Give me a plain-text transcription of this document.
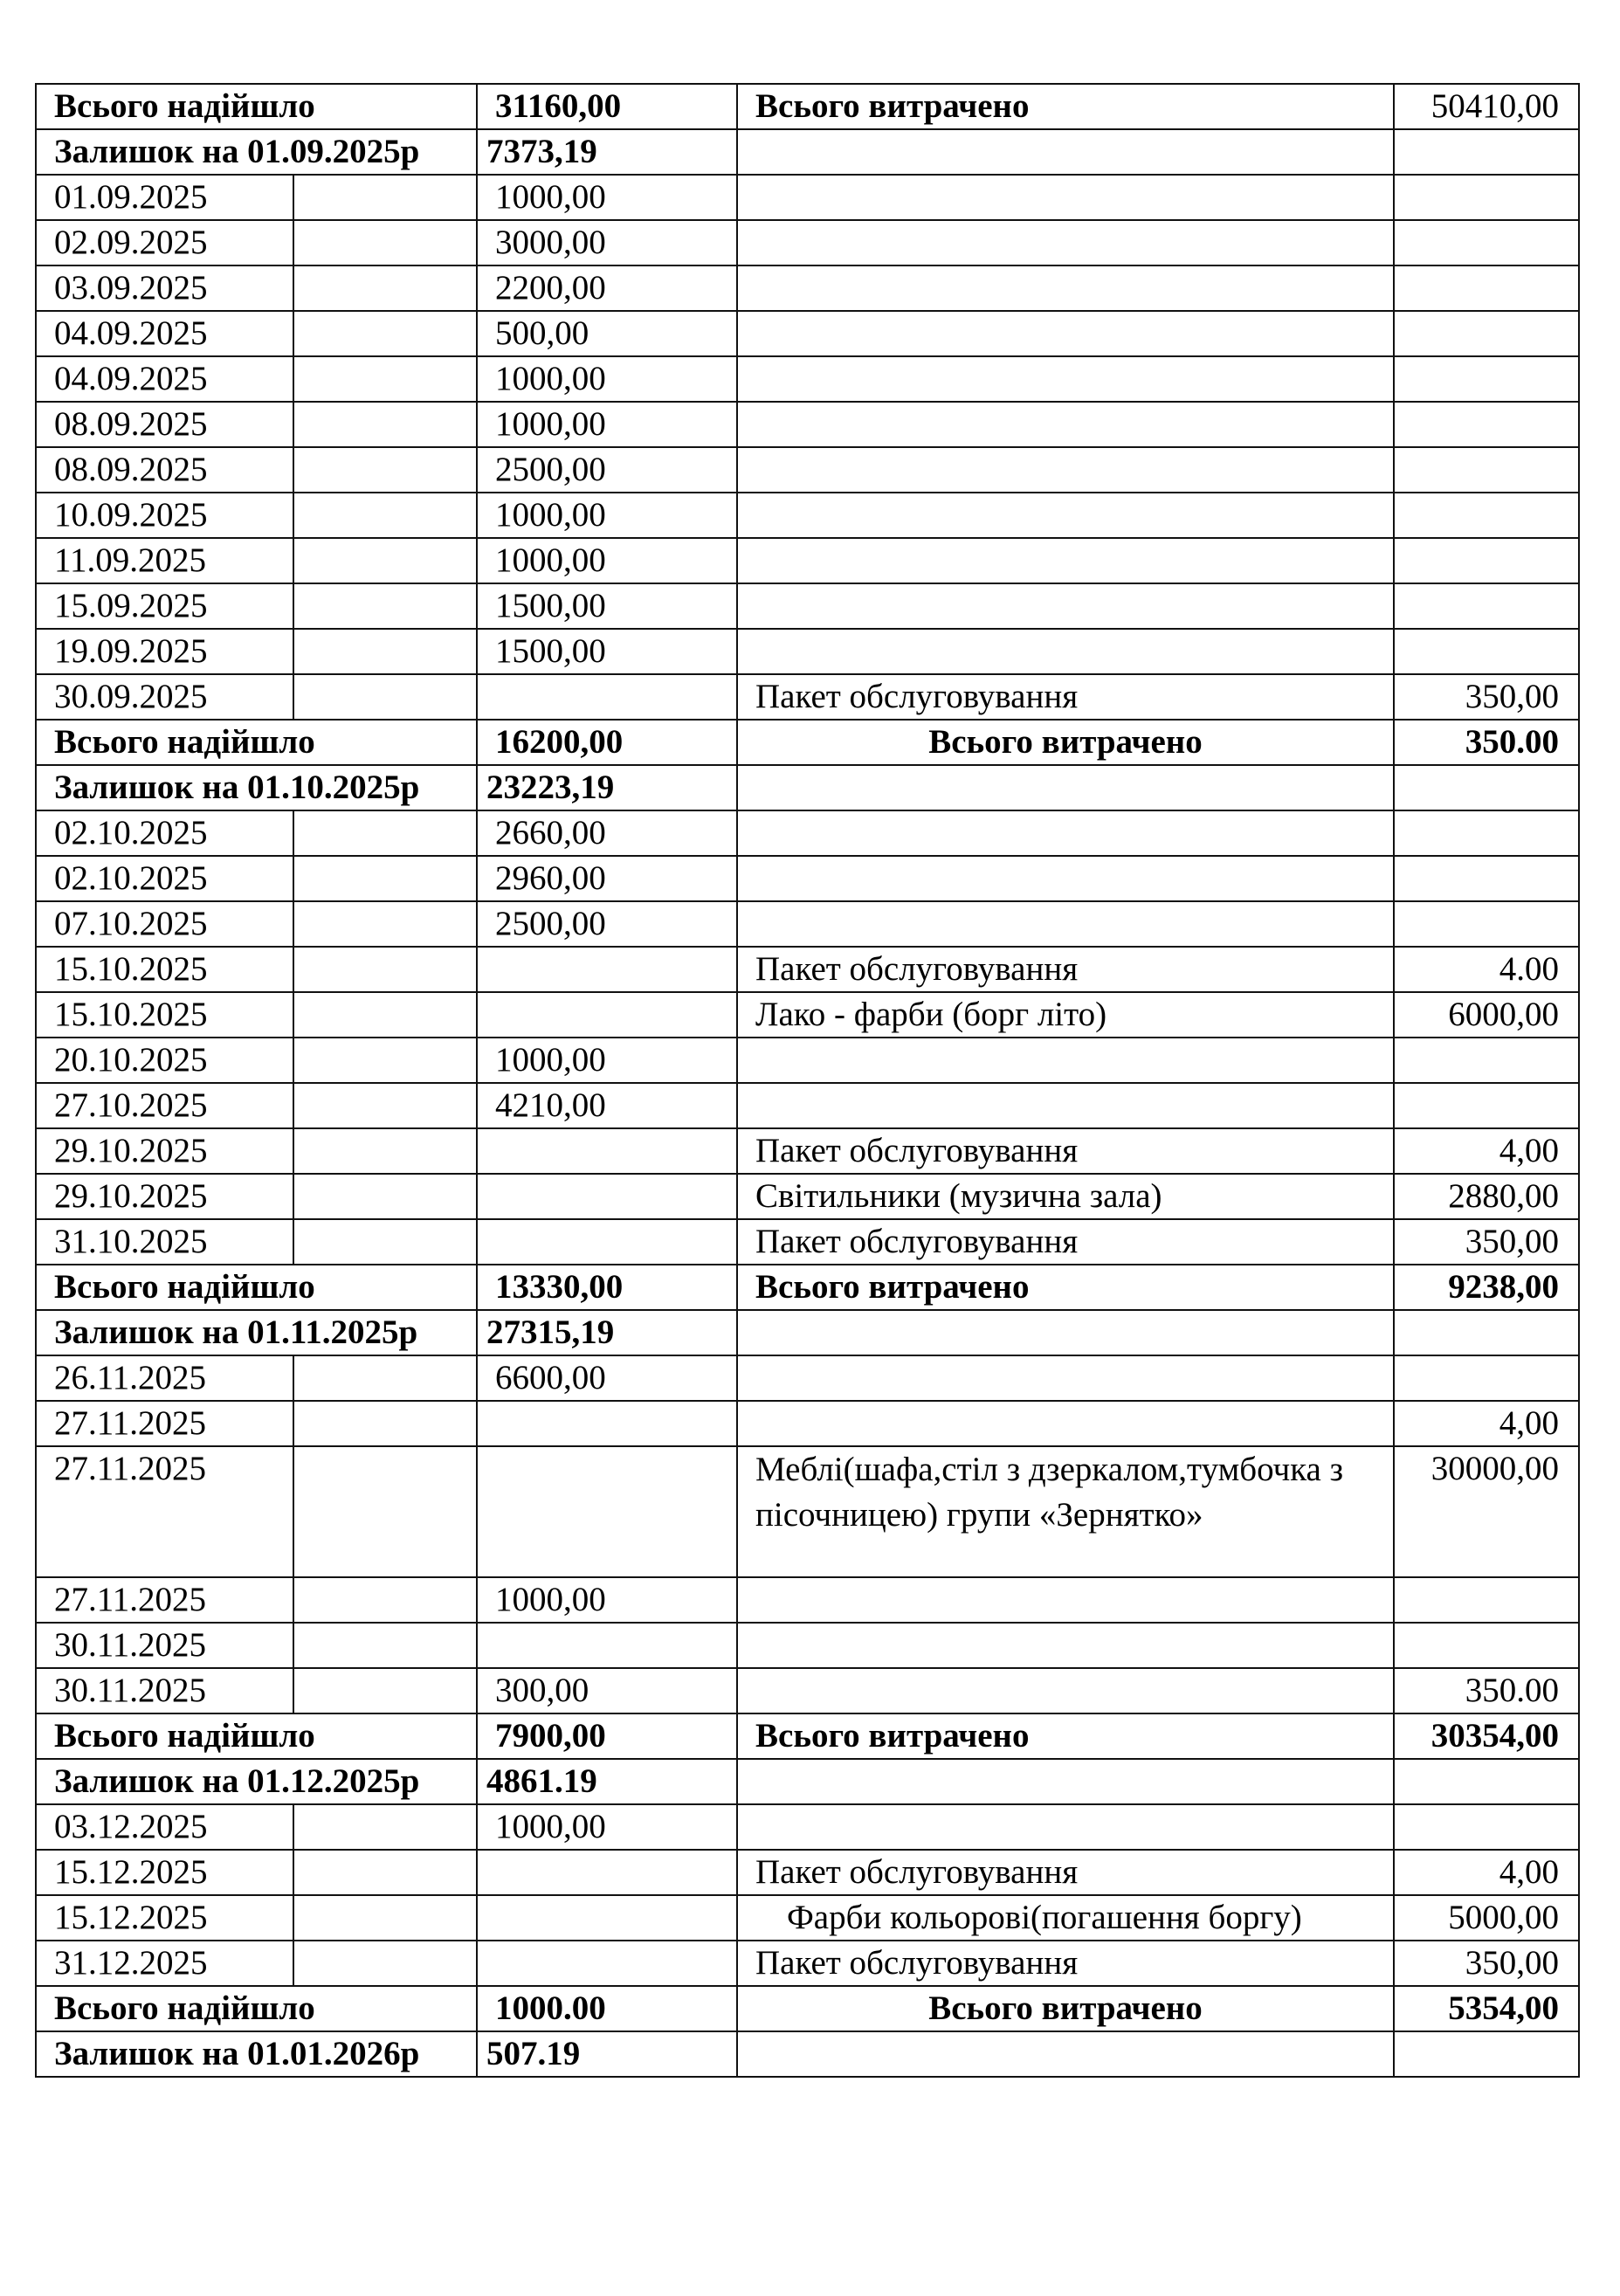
Всього надійшло		31160,00	Всього витрачено	50410,00
Залишок на 01.09.2025р		7373,19		
01.09.2025		1000,00		
02.09.2025		3000,00		
03.09.2025		2200,00		
04.09.2025		500,00		
04.09.2025		1000,00		
08.09.2025		1000,00		
08.09.2025		2500,00		
10.09.2025		1000,00		
11.09.2025		1000,00		
15.09.2025		1500,00		
19.09.2025		1500,00		
30.09.2025			Пакет обслуговування	350,00
Всього надійшло		16200,00	Всього витрачено	350.00
Залишок на 01.10.2025р		23223,19		
02.10.2025		2660,00		
02.10.2025		2960,00		
07.10.2025		2500,00		
15.10.2025			Пакет обслуговування	4.00
15.10.2025			Лако - фарби (борг літо)	6000,00
20.10.2025		1000,00		
27.10.2025		4210,00		
29.10.2025			Пакет обслуговування	4,00
29.10.2025			Світильники (музична зала)	2880,00
31.10.2025			Пакет обслуговування	350,00
Всього надійшло		13330,00	Всього витрачено	9238,00
Залишок на 01.11.2025р		27315,19		
26.11.2025		6600,00		
27.11.2025				4,00
27.11.2025			Меблі(шафа,стіл з дзеркалом,тумбочка з пісочницею) групи «Зернятко»	30000,00
27.11.2025		1000,00		
30.11.2025				
30.11.2025		300,00		350.00
Всього надійшло		7900,00	Всього витрачено	30354,00
Залишок на 01.12.2025р		4861.19		
03.12.2025		1000,00		
15.12.2025			Пакет обслуговування	4,00
15.12.2025			Фарби кольорові(погашення боргу)	5000,00
31.12.2025			Пакет обслуговування	350,00
Всього надійшло		1000.00	Всього витрачено	5354,00
Залишок на 01.01.2026р		507.19		
